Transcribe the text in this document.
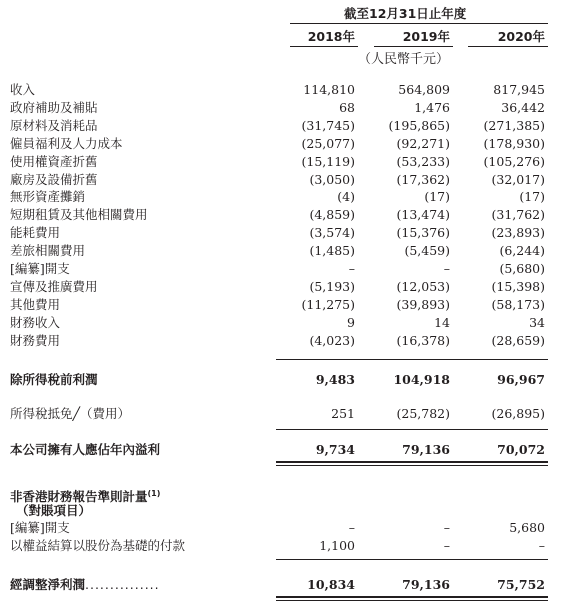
截至12月31日止年度
2018年	2019年	2020年
（人民幣千元）
收入	114,810	564,809	817,945
政府補助及補貼	68	1,476	36,442
原材料及消耗品	(31,745)	(195,865)	(271,385)
僱員福利及人力成本	(25,077)	(92,271)	(178,930)
使用權資產折舊	(15,119)	(53,233)	(105,276)
廠房及設備折舊	(3,050)	(17,362)	(32,017)
無形資產攤銷	(4)	(17)	(17)
短期租賃及其他相關費用	(4,859)	(13,474)	(31,762)
能耗費用	(3,574)	(15,376)	(23,893)
差旅相關費用	(1,485)	(5,459)	(6,244)
[編纂]開支	–	–	(5,680)
宣傳及推廣費用	(5,193)	(12,053)	(15,398)
其他費用	(11,275)	(39,893)	(58,173)
財務收入	9	14	34
財務費用	(4,023)	(16,378)	(28,659)
除所得稅前利潤	9,483	104,918	96,967
所得稅抵免╱（費用）	251	(25,782)	(26,895)
本公司擁有人應佔年內溢利	9,734	79,136	70,072
非香港財務報告準則計量$^{(1)}$
（對賬項目）
[編纂]開支	–	–	5,680
以權益結算以股份為基礎的付款	1,100	–	–
經調整淨利潤...............	10,834	79,136	75,752
